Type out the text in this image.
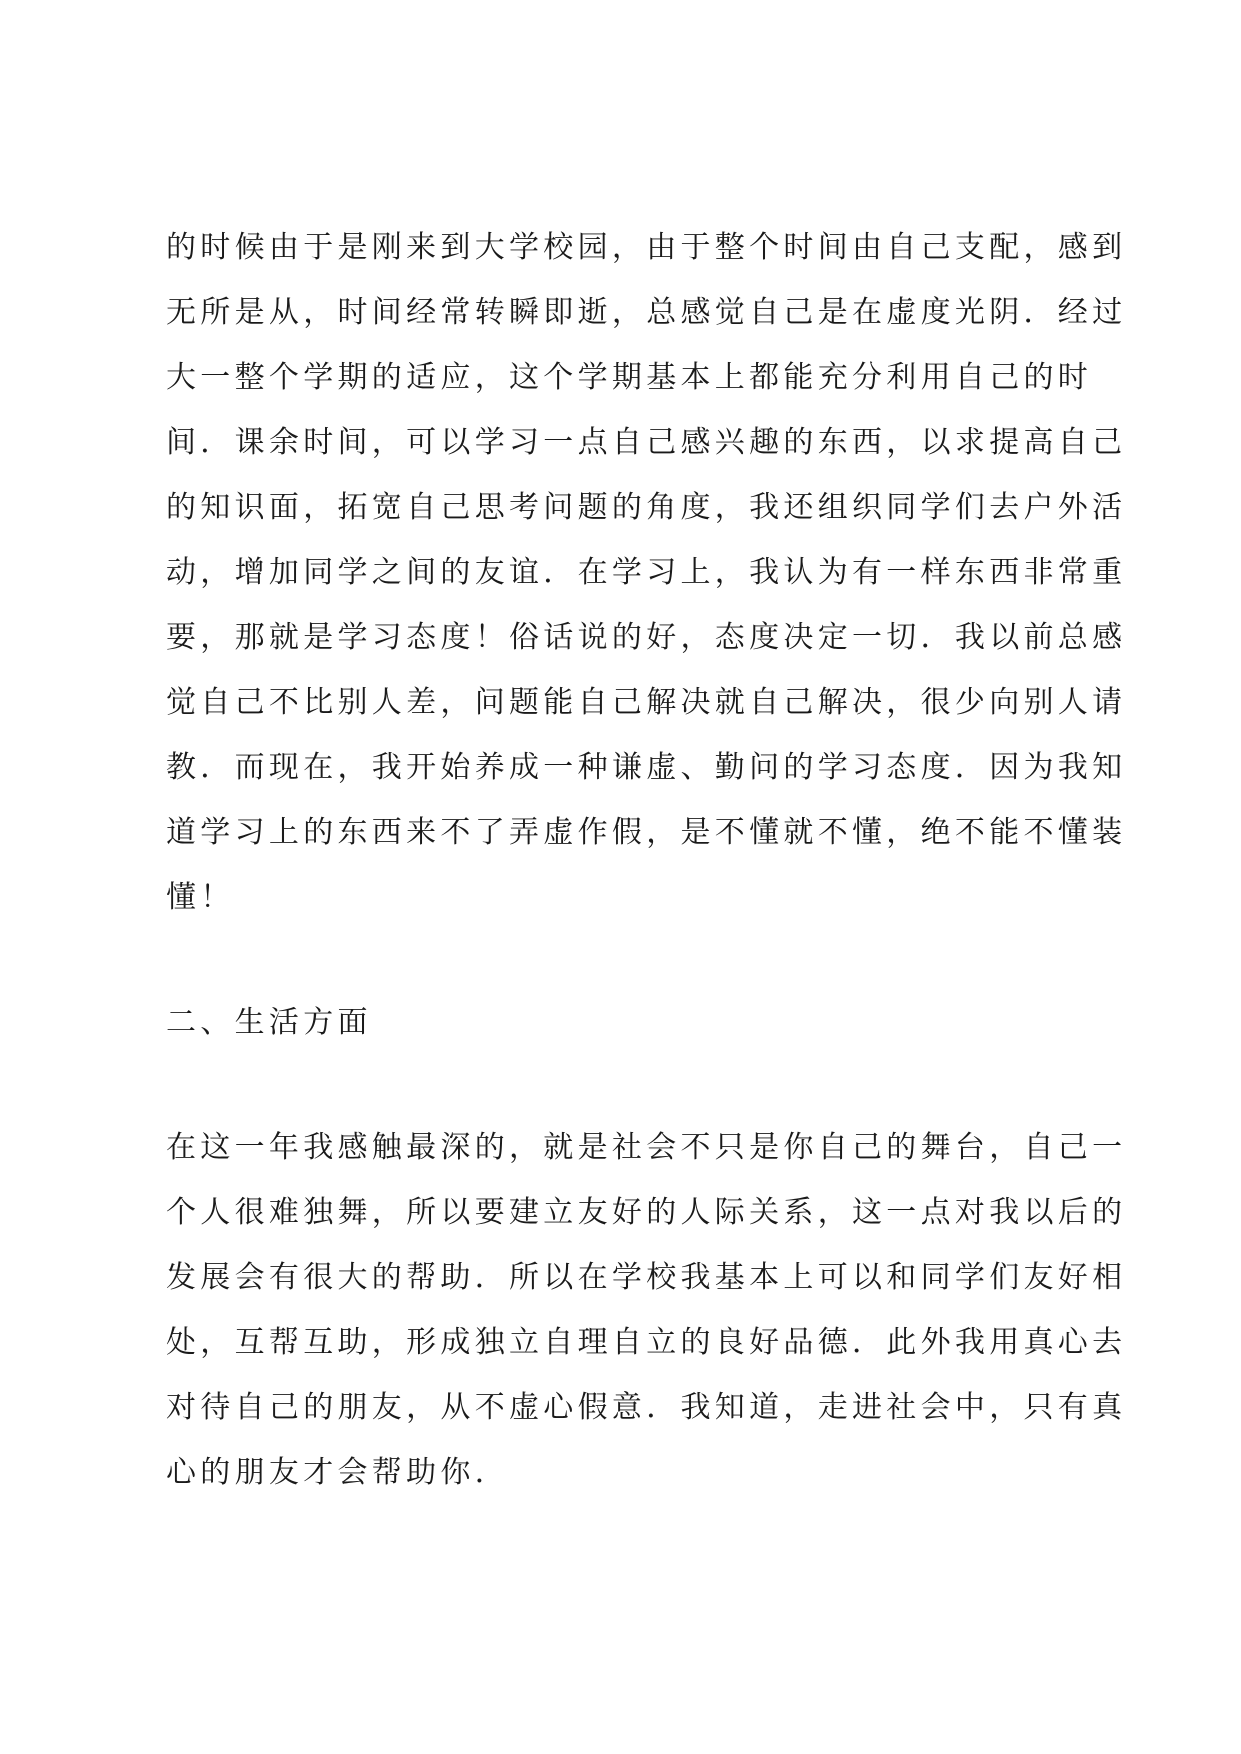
的时候由于是刚来到大学校园，由于整个时间由自己支配，感到

无所是从，时间经常转瞬即逝，总感觉自己是在虚度光阴．经过

大一整个学期的适应，这个学期基本上都能充分利用自己的时

间．课余时间，可以学习一点自己感兴趣的东西，以求提高自己

的知识面，拓宽自己思考问题的角度，我还组织同学们去户外活

动，增加同学之间的友谊．在学习上，我认为有一样东西非常重

要，那就是学习态度！俗话说的好，态度决定一切．我以前总感

觉自己不比别人差，问题能自己解决就自己解决，很少向别人请

教．而现在，我开始养成一种谦虚、勤问的学习态度．因为我知

道学习上的东西来不了弄虚作假，是不懂就不懂，绝不能不懂装

懂！

二、生活方面

在这一年我感触最深的，就是社会不只是你自己的舞台，自己一

个人很难独舞，所以要建立友好的人际关系，这一点对我以后的

发展会有很大的帮助．所以在学校我基本上可以和同学们友好相

处，互帮互助，形成独立自理自立的良好品德．此外我用真心去

对待自己的朋友，从不虚心假意．我知道，走进社会中，只有真

心的朋友才会帮助你．
